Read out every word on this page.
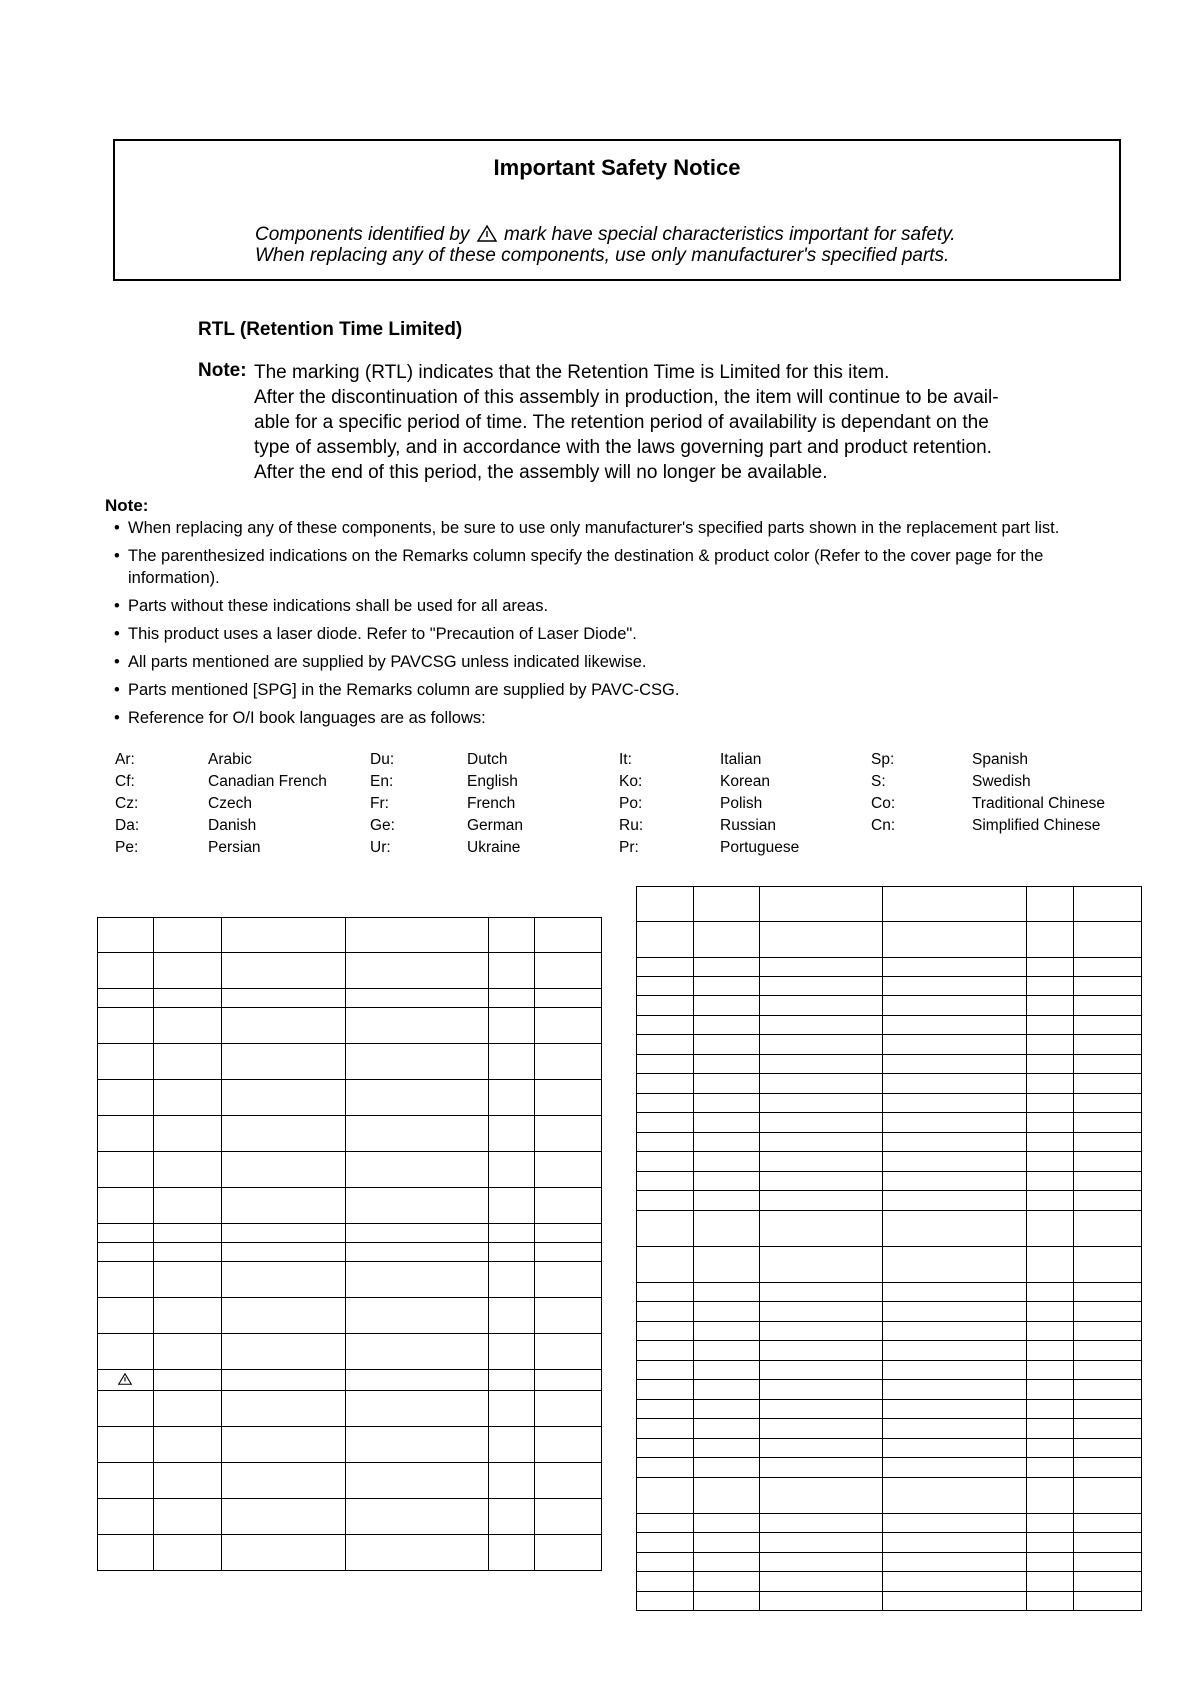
Important Safety Notice
Components identified by mark have special characteristics important for safety.
When replacing any of these components, use only manufacturer's specified parts.
RTL (Retention Time Limited)
Note: The marking (RTL) indicates that the Retention Time is Limited for this item.
After the discontinuation of this assembly in production, the item will continue to be avail-
able for a specific period of time. The retention period of availability is dependant on the
type of assembly, and in accordance with the laws governing part and product retention.
After the end of this period, the assembly will no longer be available.
Note:
• When replacing any of these components, be sure to use only manufacturer's specified parts shown in the replacement part list.
• The parenthesized indications on the Remarks column specify the destination & product color (Refer to the cover page for the information).
• Parts without these indications shall be used for all areas.
• This product uses a laser diode. Refer to "Precaution of Laser Diode".
• All parts mentioned are supplied by PAVCSG unless indicated likewise.
• Parts mentioned [SPG] in the Remarks column are supplied by PAVC-CSG.
• Reference for O/I book languages are as follows:
Ar:	Arabic	Du:	Dutch	It:	Italian	Sp:	Spanish
Cf:	Canadian French	En:	English	Ko:	Korean	S:	Swedish
Cz:	Czech	Fr:	French	Po:	Polish	Co:	Traditional Chinese
Da:	Danish	Ge:	German	Ru:	Russian	Cn:	Simplified Chinese
Pe:	Persian	Ur:	Ukraine	Pr:	Portuguese
